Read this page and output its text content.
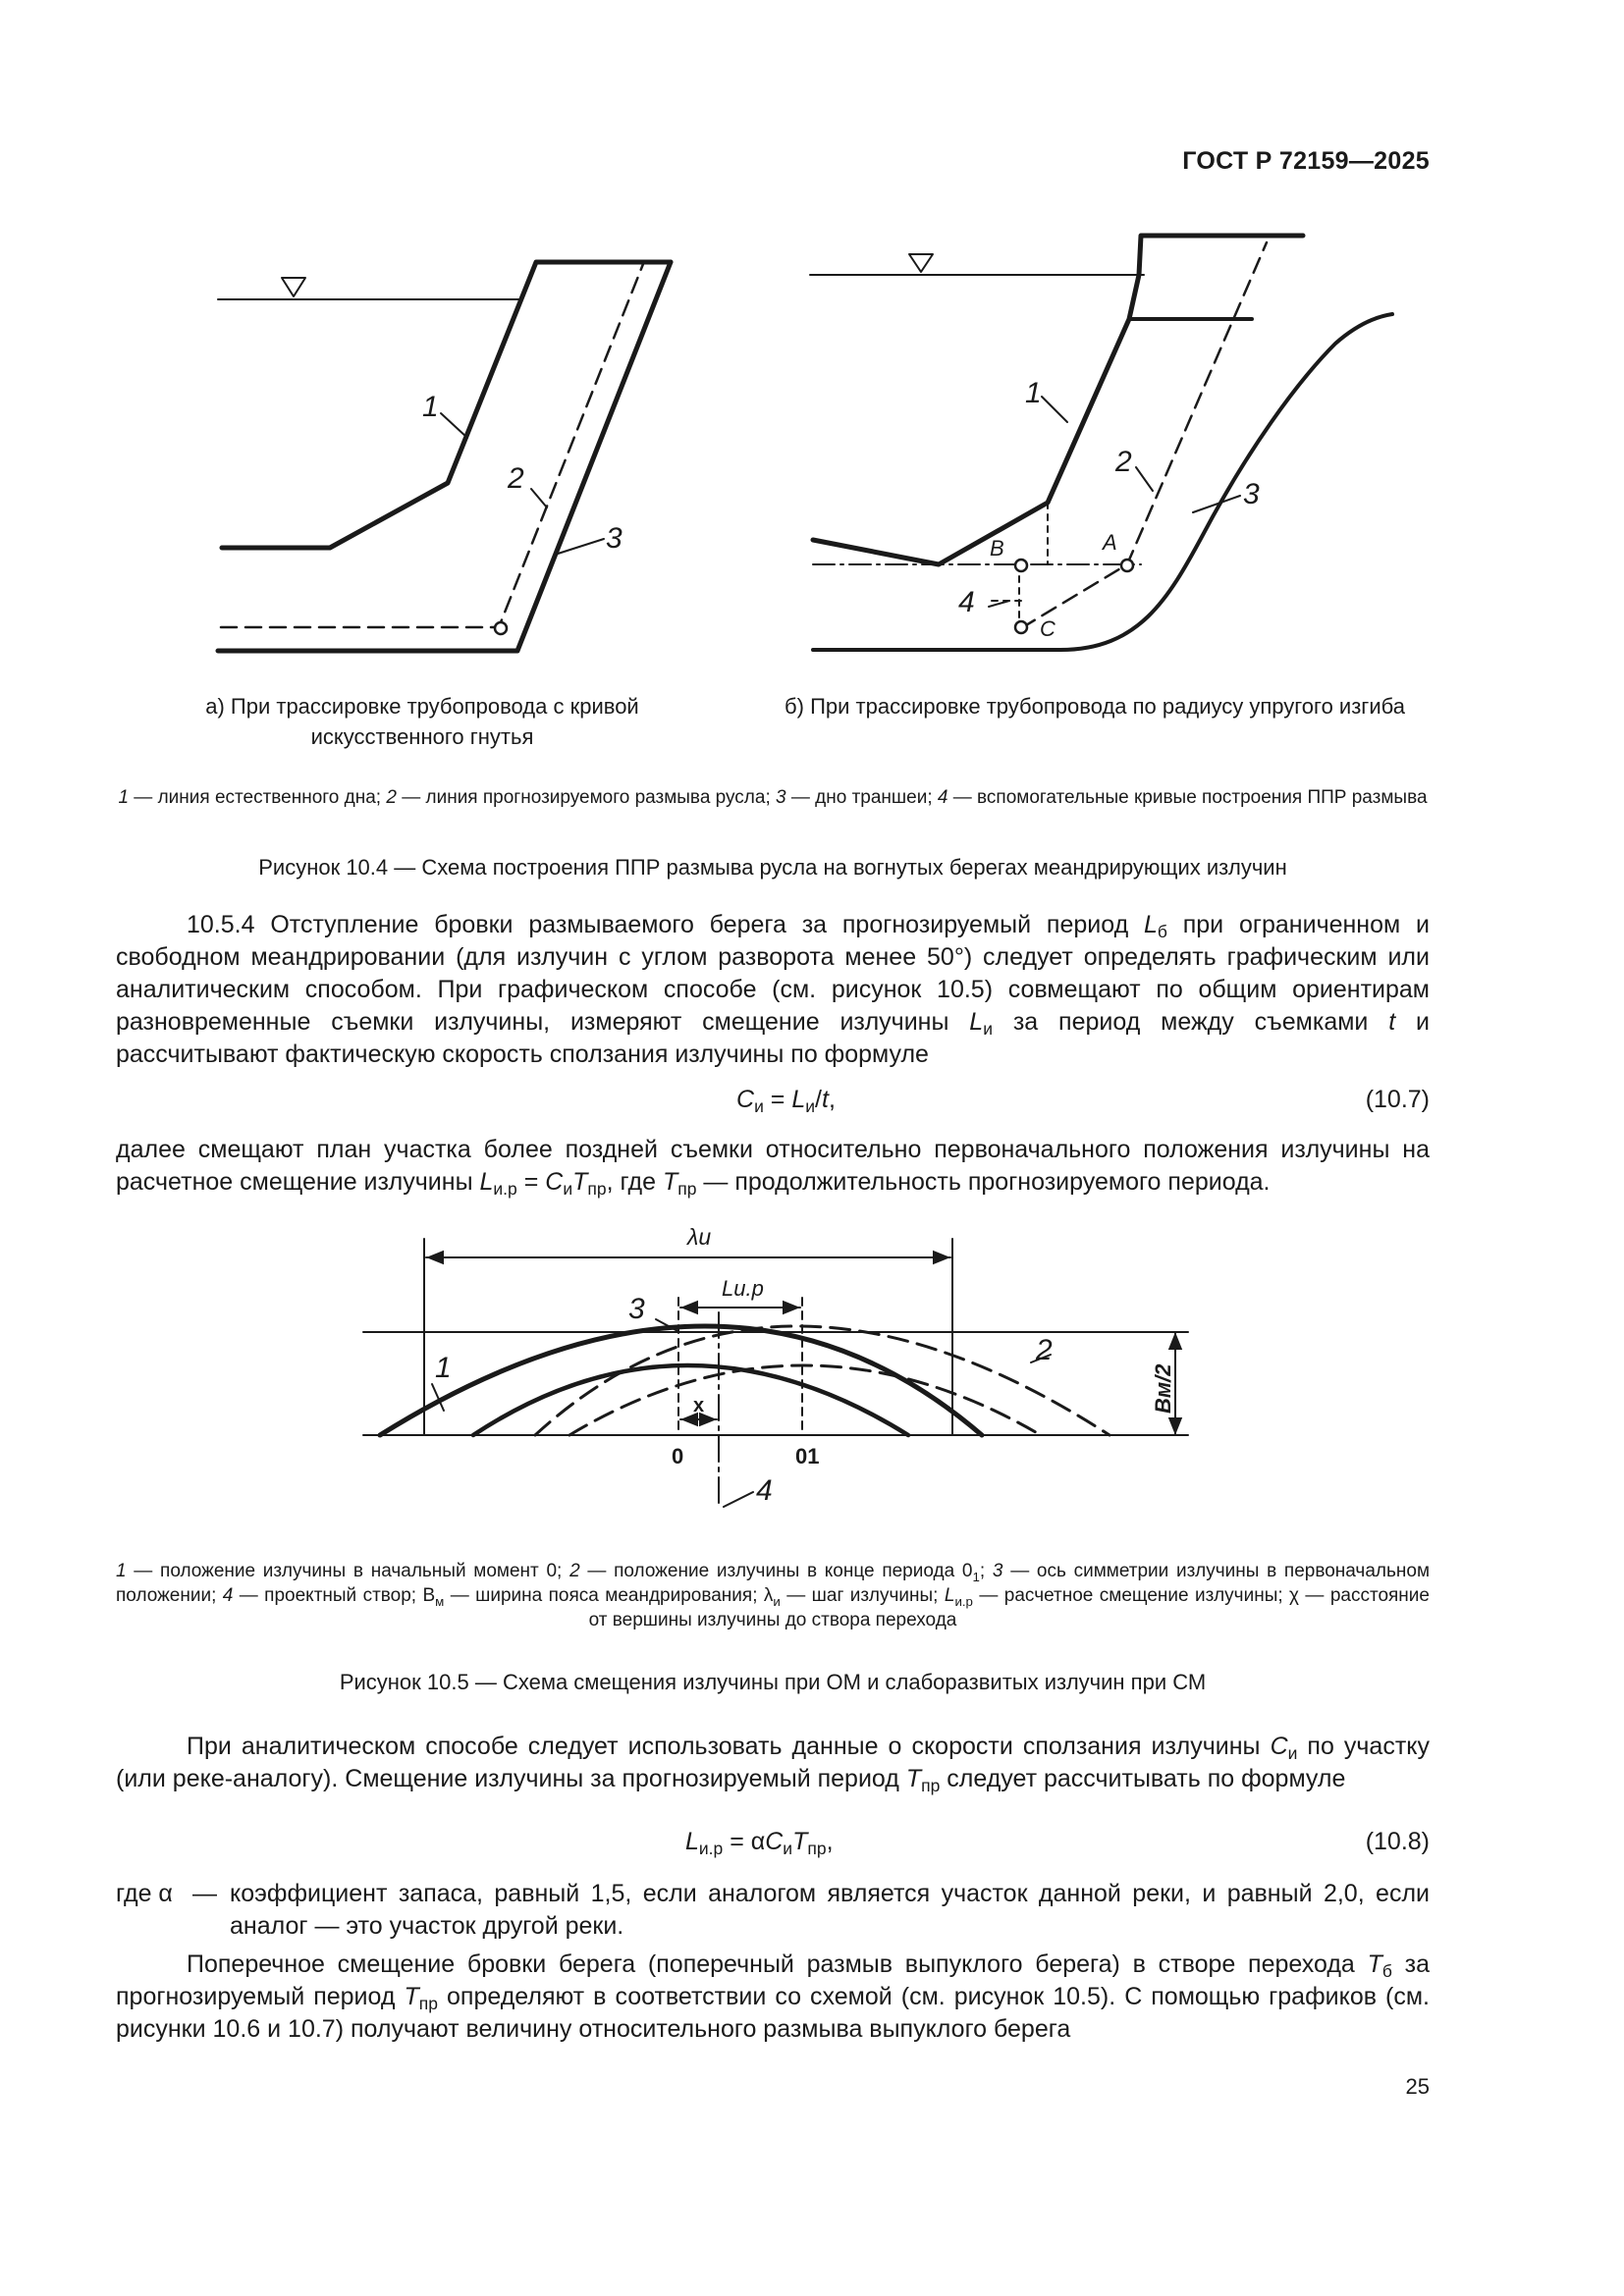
ГОСТ Р 72159—2025
1
2
3
1
2
3
4
A
B
C
а) При трассировке трубопровода с кривой искусственного гнутья
б) При трассировке трубопровода по радиусу упругого изгиба
1 — линия естественного дна; 2 — линия прогнозируемого размыва русла; 3 — дно траншеи; 4 — вспомогательные кривые построения ППР размыва
Рисунок 10.4 — Схема построения ППР размыва русла на вогнутых берегах меандрирующих излучин
10.5.4 Отступление бровки размываемого берега за прогнозируемый период $L_б$ при ограниченном и свободном меандрировании (для излучин с углом разворота менее 50°) следует определять графическим или аналитическим способом. При графическом способе (см. рисунок 10.5) совмещают по общим ориентирам разновременные съемки излучины, измеряют смещение излучины $L_и$ за период между съемками t и рассчитывают фактическую скорость сползания излучины по формуле
$C_и = L_и/t$,	(10.7)
далее смещают план участка более поздней съемки относительно первоначального положения излучины на расчетное смещение излучины $L_{и.р} = C_иT_{пр}$, где $T_{пр}$ — продолжительность прогнозируемого периода.
λи
Lи.р
x
0	01
Bм/2
3
1
2
4
1 — положение излучины в начальный момент 0; 2 — положение излучины в конце периода $0_1$; 3 — ось симметрии излучины в первоначальном положении; 4 — проектный створ; $В_м$ — ширина пояса меандрирования; $\lambda_и$ — шаг излучины; $L_{и.р}$ — расчетное смещение излучины; χ — расстояние от вершины излучины до створа перехода
Рисунок 10.5 — Схема смещения излучины при ОМ и слаборазвитых излучин при СМ
При аналитическом способе следует использовать данные о скорости сползания излучины $C_и$ по участку (или реке-аналогу). Смещение излучины за прогнозируемый период $T_{пр}$ следует рассчитывать по формуле
$L_{и.р} = \alpha C_иT_{пр}$,	(10.8)
где α — коэффициент запаса, равный 1,5, если аналогом является участок данной реки, и равный 2,0, если аналог — это участок другой реки.
Поперечное смещение бровки берега (поперечный размыв выпуклого берега) в створе перехода $T_б$ за прогнозируемый период $T_{пр}$ определяют в соответствии со схемой (см. рисунок 10.5). С помощью графиков (см. рисунки 10.6 и 10.7) получают величину относительного размыва выпуклого берега
25
